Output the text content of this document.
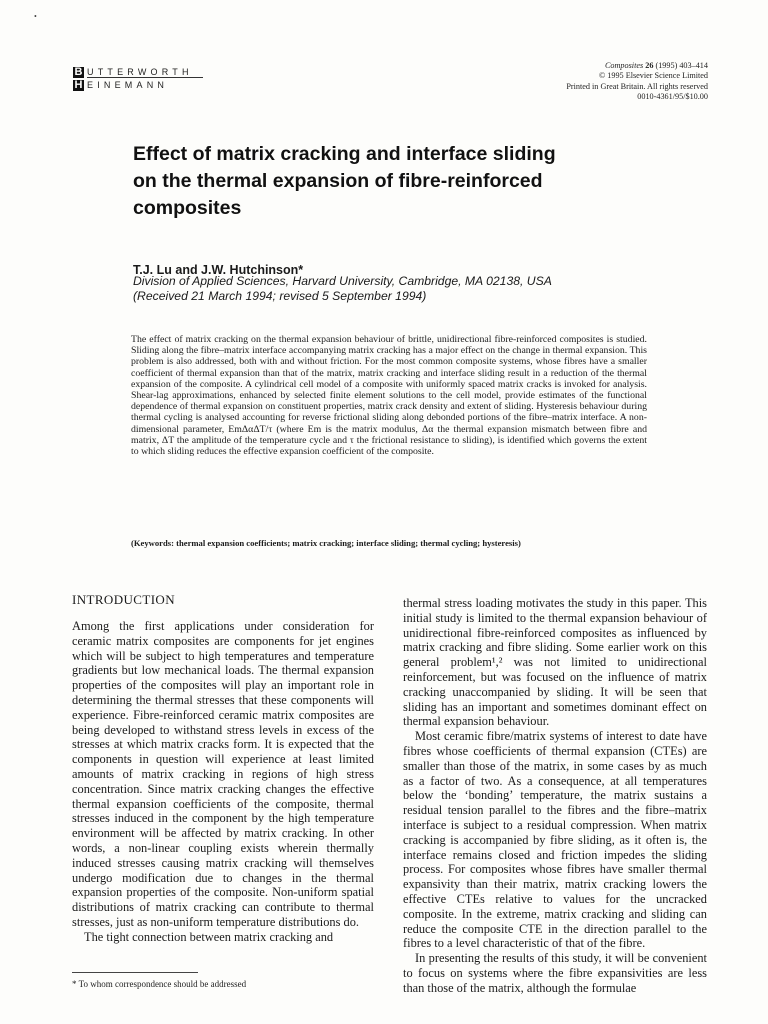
•
B UTTERWORTH
H EINEMANN
Composites 26 (1995) 403–414
© 1995 Elsevier Science Limited
Printed in Great Britain. All rights reserved
0010-4361/95/$10.00
Effect of matrix cracking and interface sliding
on the thermal expansion of fibre-reinforced
composites
T.J. Lu and J.W. Hutchinson*
Division of Applied Sciences, Harvard University, Cambridge, MA 02138, USA
(Received 21 March 1994; revised 5 September 1994)
The effect of matrix cracking on the thermal expansion behaviour of brittle, unidirectional fibre-reinforced composites is studied. Sliding along the fibre–matrix interface accompanying matrix cracking has a major effect on the change in thermal expansion. This problem is also addressed, both with and without friction. For the most common composite systems, whose fibres have a smaller coefficient of thermal expansion than that of the matrix, matrix cracking and interface sliding result in a reduction of the thermal expansion of the composite. A cylindrical cell model of a composite with uniformly spaced matrix cracks is invoked for analysis. Shear-lag approximations, enhanced by selected finite element solutions to the cell model, provide estimates of the functional dependence of thermal expansion on constituent properties, matrix crack density and extent of sliding. Hysteresis behaviour during thermal cycling is analysed accounting for reverse frictional sliding along debonded portions of the fibre–matrix interface. A non-dimensional parameter, EmΔαΔT/τ (where Em is the matrix modulus, Δα the thermal expansion mismatch between fibre and matrix, ΔT the amplitude of the temperature cycle and τ the frictional resistance to sliding), is identified which governs the extent to which sliding reduces the effective expansion coefficient of the composite.
(Keywords: thermal expansion coefficients; matrix cracking; interface sliding; thermal cycling; hysteresis)
INTRODUCTION

Among the first applications under consideration for ceramic matrix composites are components for jet engines which will be subject to high temperatures and temperature gradients but low mechanical loads. The thermal expansion properties of the composites will play an important role in determining the thermal stresses that these components will experience. Fibre-reinforced ceramic matrix composites are being developed to withstand stress levels in excess of the stresses at which matrix cracks form. It is expected that the components in question will experience at least limited amounts of matrix cracking in regions of high stress concentration. Since matrix cracking changes the effective thermal expansion coefficients of the composite, thermal stresses induced in the component by the high temperature environment will be affected by matrix cracking. In other words, a non-linear coupling exists wherein thermally induced stresses causing matrix cracking will themselves undergo modification due to changes in the thermal expansion properties of the composite. Non-uniform spatial distributions of matrix cracking can contribute to thermal stresses, just as non-uniform temperature distributions do.

The tight connection between matrix cracking and

thermal stress loading motivates the study in this paper. This initial study is limited to the thermal expansion behaviour of unidirectional fibre-reinforced composites as influenced by matrix cracking and fibre sliding. Some earlier work on this general problem¹,² was not limited to unidirectional reinforcement, but was focused on the influence of matrix cracking unaccompanied by sliding. It will be seen that sliding has an important and sometimes dominant effect on thermal expansion behaviour.

Most ceramic fibre/matrix systems of interest to date have fibres whose coefficients of thermal expansion (CTEs) are smaller than those of the matrix, in some cases by as much as a factor of two. As a consequence, at all temperatures below the ‘bonding’ temperature, the matrix sustains a residual tension parallel to the fibres and the fibre–matrix interface is subject to a residual compression. When matrix cracking is accompanied by fibre sliding, as it often is, the interface remains closed and friction impedes the sliding process. For composites whose fibres have smaller thermal expansivity than their matrix, matrix cracking lowers the effective CTEs relative to values for the uncracked composite. In the extreme, matrix cracking and sliding can reduce the composite CTE in the direction parallel to the fibres to a level characteristic of that of the fibre.

In presenting the results of this study, it will be convenient to focus on systems where the fibre expansivities are less than those of the matrix, although the formulae

* To whom correspondence should be addressed
